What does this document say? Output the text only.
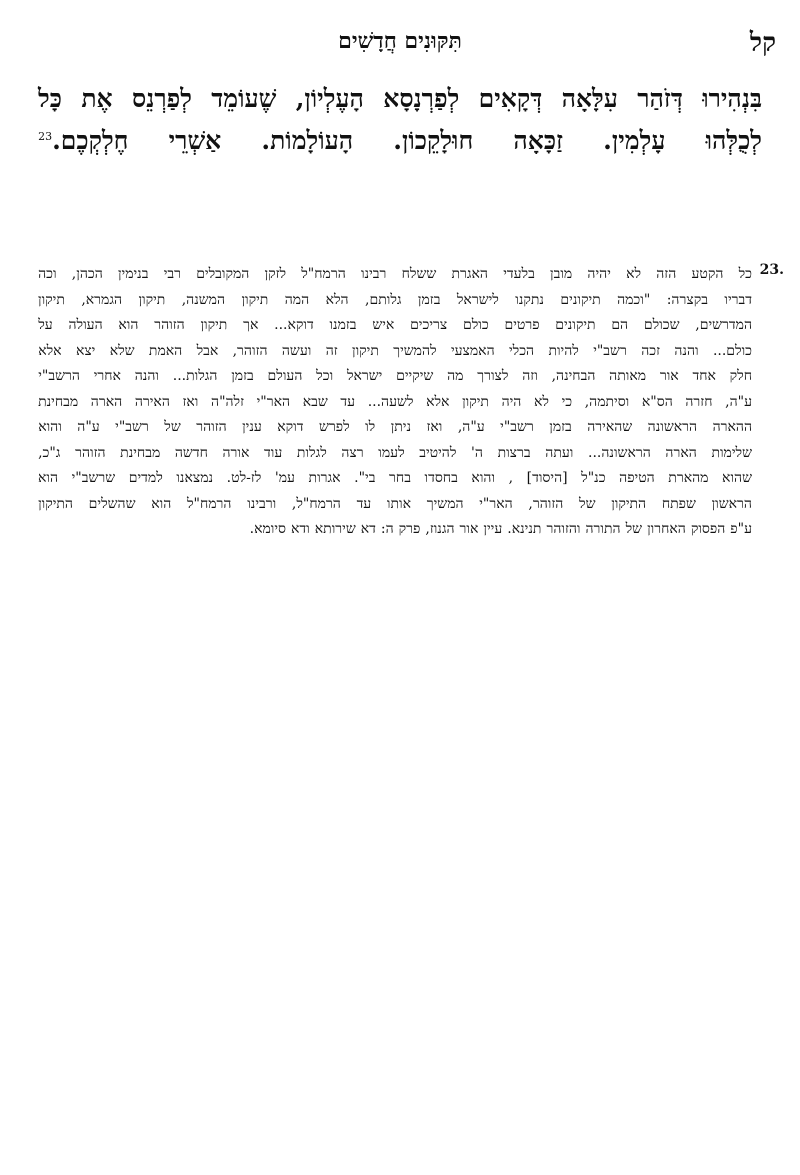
קל
תִּקּוּנִים חֲדָשִׁים
בִּנְהִירוּ
דְּזֹהַר
עִלָּאָה
דְּקָאִים
לְפַרְנָסָא
הָעֶלְיוֹן,
שֶׁעוֹמֵד
לְפַרְנֵס
אֶת
כָּל
לְכֻלְּהוּ
עָלְמִין.
זַכָּאָה
חוּלָקֵכוֹן.
הָעוֹלָמוֹת.
אַשְׁרֵי
חֶלְקְכֶם.23
23.
כל
הקטע
הזה
לא
יהיה
מובן
בלעדי
האגרת
ששלח
רבינו
הרמח"ל
לזקן
המקובלים
רבי
בנימין
הכהן,
וכה
דבריו
בקצרה:
"וכמה
תיקונים
נתקנו
לישראל
בזמן
גלותם,
הלא
המה
תיקון
המשנה,
תיקון
הגמרא,
תיקון
המדרשים,
שכולם
הם
תיקונים
פרטים
כולם
צריכים
איש
בזמנו
דוקא...
אך
תיקון
הזוהר
הוא
העולה
על
כולם...
והנה
זכה
רשב"י
להיות
הכלי
האמצעי
להמשיך
תיקון
זה
ועשה
הזוהר,
אבל
האמת
שלא
יצא
אלא
חלק
אחד
אור
מאותה
הבחינה,
וזה
לצורך
מה
שיקיים
ישראל
וכל
העולם
בזמן
הגלות...
והנה
אחרי
הרשב"י
ע"ה,
חזרה
הס"א
וסיתמה,
כי
לא
היה
תיקון
אלא
לשעה...
עד
שבא
האר"י
זלה"ה
ואז
האירה
הארה
מבחינת
ההארה
הראשונה
שהאירה
בזמן
רשב"י
ע"ה,
ואז
ניתן
לו
לפרש
דוקא
ענין
הזוהר
של
רשב"י
ע"ה
והוא
שלימות
הארה
הראשונה...
ועתה
ברצות
ה'
להיטיב
לעמו
רצה
לגלות
עוד
אורה
חדשה
מבחינת
הזוהר
ג"כ,
שהוא
מהארת
הטיפה
כנ"ל
[היסוד]
,
והוא
בחסדו
בחר
בי".
אגרות
עמ'
לז-לט.
נמצאנו
למדים
שרשב"י
הוא
הראשון
שפתח
התיקון
של
הזוהר,
האר"י
המשיך
אותו
עד
הרמח"ל,
ורבינו
הרמח"ל
הוא
שהשלים
התיקון
ע"פ
הפסוק
האחרון
של
התורה
והזוהר
תנינא.
עיין
אור
הגנוז,
פרק
ה:
דא
שירותא
ודא
סיומא.
